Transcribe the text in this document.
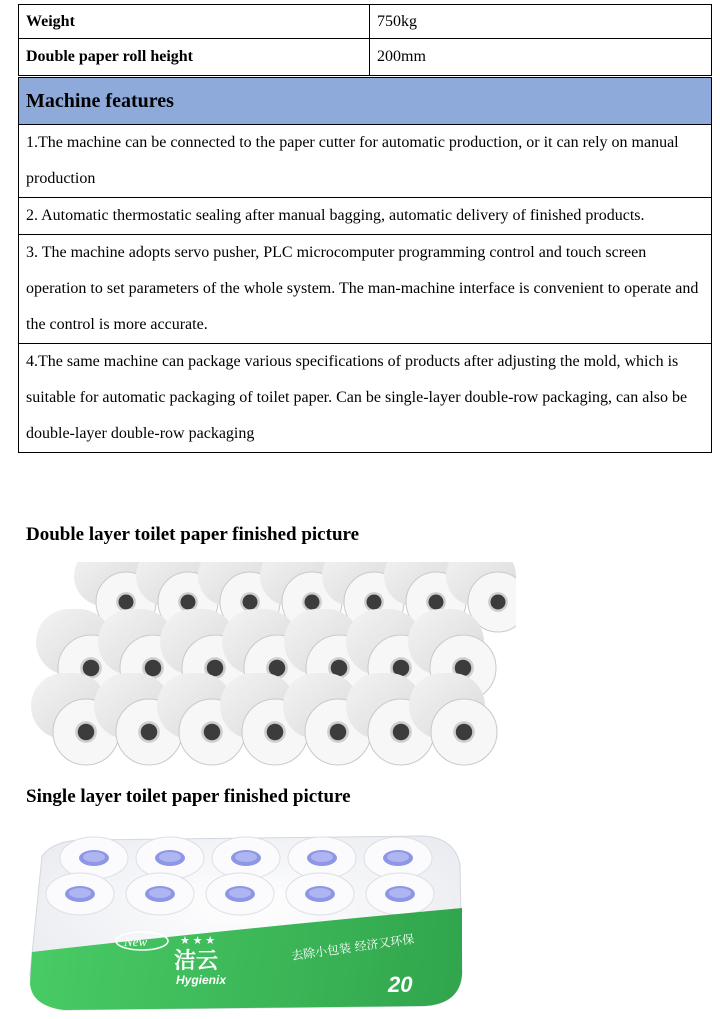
Weight	750kg
Double paper roll height	200mm
Machine features
1.The machine can be connected to the paper cutter for automatic production, or it can rely on manual production
2. Automatic thermostatic sealing after manual bagging, automatic delivery of finished products.
3. The machine adopts servo pusher, PLC microcomputer programming control and touch screen operation to set parameters of the whole system. The man-machine interface is convenient to operate and the control is more accurate.
4.The same machine can package various specifications of products after adjusting the mold, which is suitable for automatic packaging of toilet paper. Can be single-layer double-row packaging, can also be double-layer double-row packaging
Double layer toilet paper finished picture
Single layer toilet paper finished picture
New	★ ★ ★
洁云
Hygienix
去除小包装 经济又环保
20
